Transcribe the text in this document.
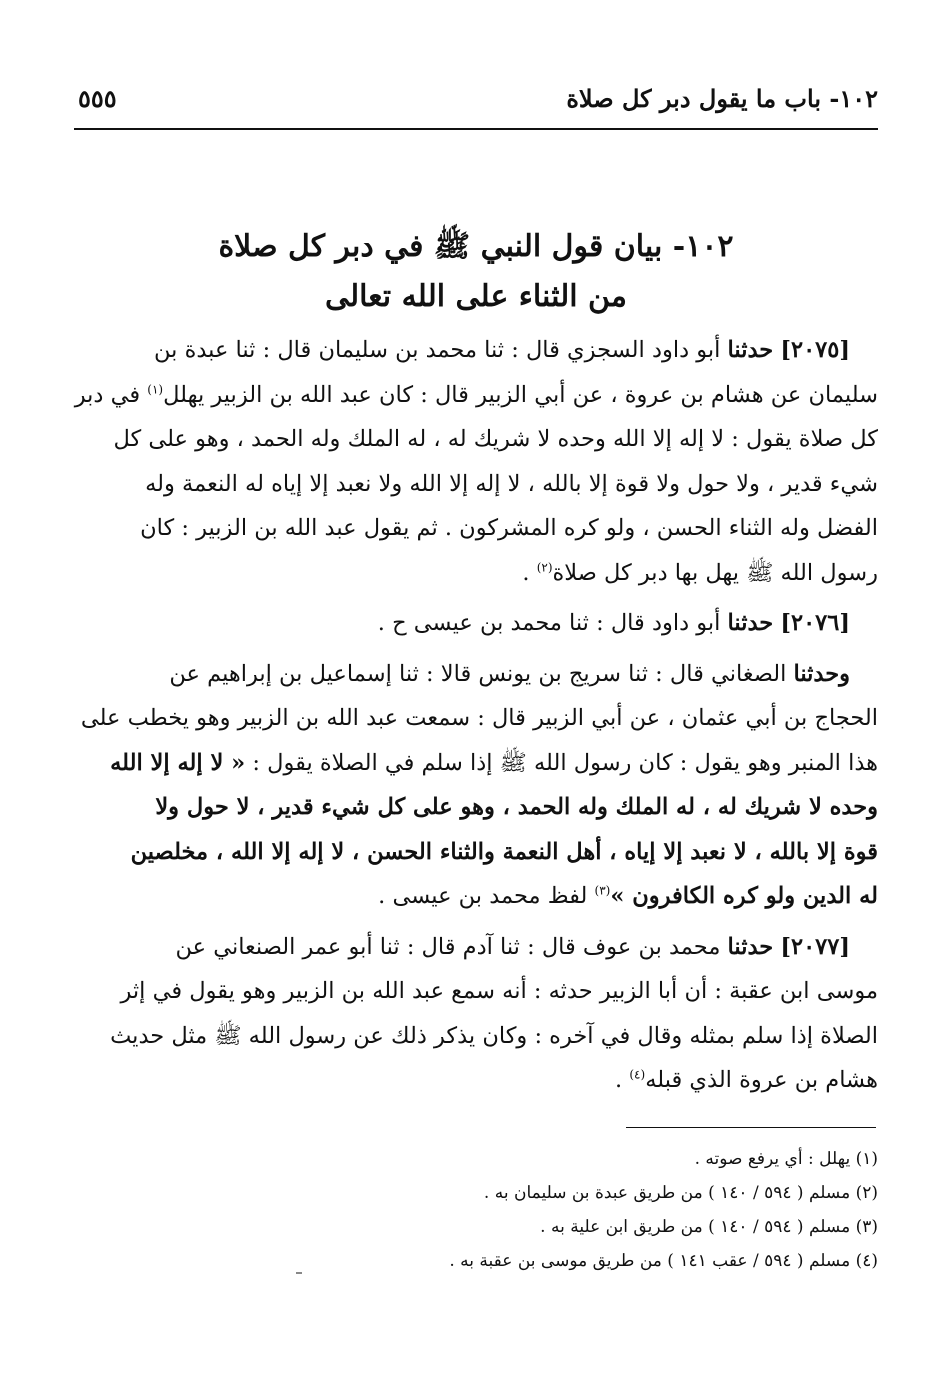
١٠٢- باب ما يقول دبر كل صلاة
٥٥٥
١٠٢- بيان قول النبي ﷺ في دبر كل صلاة
من الثناء على الله تعالى
[٢٠٧٥] حدثنا أبو داود السجزي قال : ثنا محمد بن سليمان قال : ثنا عبدة بن
سليمان عن هشام بن عروة ، عن أبي الزبير قال : كان عبد الله بن الزبير يهلل$^{(١)}$ في دبر
كل صلاة يقول : لا إله إلا الله وحده لا شريك له ، له الملك وله الحمد ، وهو على كل
شيء قدير ، ولا حول ولا قوة إلا بالله ، لا إله إلا الله ولا نعبد إلا إياه له النعمة وله
الفضل وله الثناء الحسن ، ولو كره المشركون . ثم يقول عبد الله بن الزبير : كان
رسول الله ﷺ يهل بها دبر كل صلاة$^{(٢)}$ .
[٢٠٧٦] حدثنا أبو داود قال : ثنا محمد بن عيسى ح .
وحدثنا الصغاني قال : ثنا سريج بن يونس قالا : ثنا إسماعيل بن إبراهيم عن
الحجاج بن أبي عثمان ، عن أبي الزبير قال : سمعت عبد الله بن الزبير وهو يخطب على
هذا المنبر وهو يقول : كان رسول الله ﷺ إذا سلم في الصلاة يقول : « لا إله إلا الله
وحده لا شريك له ، له الملك وله الحمد ، وهو على كل شيء قدير ، لا حول ولا
قوة إلا بالله ، لا نعبد إلا إياه ، أهل النعمة والثناء الحسن ، لا إله إلا الله ، مخلصين
له الدين ولو كره الكافرون »$^{(٣)}$ لفظ محمد بن عيسى .
[٢٠٧٧] حدثنا محمد بن عوف قال : ثنا آدم قال : ثنا أبو عمر الصنعاني عن
موسى ابن عقبة : أن أبا الزبير حدثه : أنه سمع عبد الله بن الزبير وهو يقول في إثر
الصلاة إذا سلم بمثله وقال في آخره : وكان يذكر ذلك عن رسول الله ﷺ مثل حديث
هشام بن عروة الذي قبله$^{(٤)}$ .
(١) يهلل : أي يرفع صوته .
(٢) مسلم ( ٥٩٤ / ١٤٠ ) من طريق عبدة بن سليمان به .
(٣) مسلم ( ٥٩٤ / ١٤٠ ) من طريق ابن علية به .
(٤) مسلم ( ٥٩٤ / عقب ١٤١ ) من طريق موسى بن عقبة به .
